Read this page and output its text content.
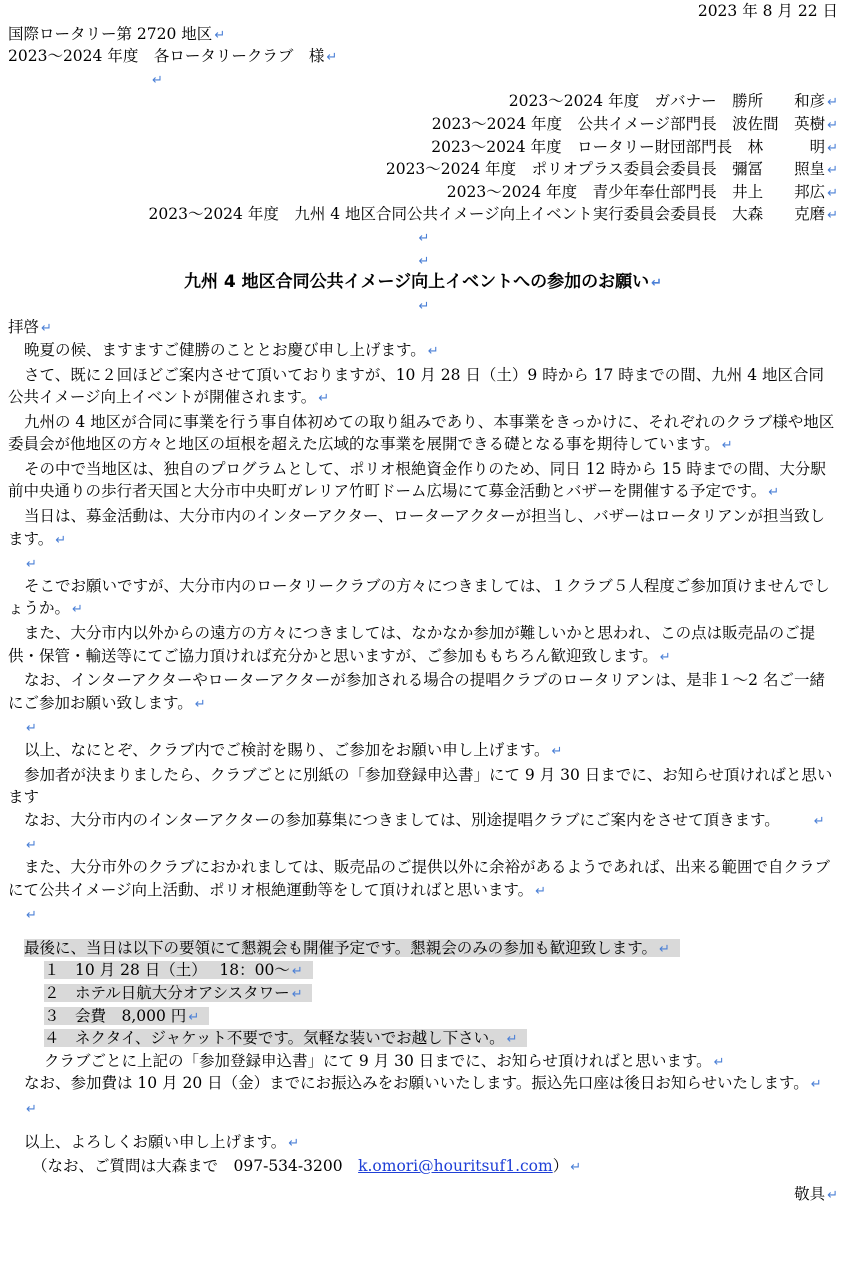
2023 年 8 月 22 日
国際ロータリー第 2720 地区 ↵
2023～2024 年度　各ロータリークラブ　様 ↵
↵
2023～2024 年度　ガバナー　勝所　　和彦 ↵
2023～2024 年度　公共イメージ部門長　波佐間　英樹 ↵
2023～2024 年度　ロータリー財団部門長　林　　　明 ↵
2023～2024 年度　ポリオプラス委員会委員長　彌冨　　照皇 ↵
2023～2024 年度　青少年奉仕部門長　井上　　邦広 ↵
2023～2024 年度　九州 4 地区合同公共イメージ向上イベント実行委員会委員長　大森　　克磨 ↵
↵
↵
九州 4 地区合同公共イメージ向上イベントへの参加のお願い ↵
↵
拝啓 ↵
晩夏の候、ますますご健勝のこととお慶び申し上げます。 ↵
さて、既に２回ほどご案内させて頂いておりますが、10 月 28 日（土）9 時から 17 時までの間、九州 4 地区合同公共イメージ向上イベントが開催されます。 ↵
九州の 4 地区が合同に事業を行う事自体初めての取り組みであり、本事業をきっかけに、それぞれのクラブ様や地区委員会が他地区の方々と地区の垣根を超えた広域的な事業を展開できる礎となる事を期待しています。 ↵
その中で当地区は、独自のプログラムとして、ポリオ根絶資金作りのため、同日 12 時から 15 時までの間、大分駅前中央通りの歩行者天国と大分市中央町ガレリア竹町ドーム広場にて募金活動とバザーを開催する予定です。 ↵
当日は、募金活動は、大分市内のインターアクター、ローターアクターが担当し、バザーはロータリアンが担当致します。 ↵
↵
そこでお願いですが、大分市内のロータリークラブの方々につきましては、１クラブ５人程度ご参加頂けませんでしょうか。 ↵
また、大分市内以外からの遠方の方々につきましては、なかなか参加が難しいかと思われ、この点は販売品のご提供・保管・輸送等にてご協力頂ければ充分かと思いますが、ご参加ももちろん歓迎致します。 ↵
なお、インターアクターやローターアクターが参加される場合の提唱クラブのロータリアンは、是非１～2 名ご一緒にご参加お願い致します。 ↵
↵
以上、なにとぞ、クラブ内でご検討を賜り、ご参加をお願い申し上げます。 ↵
参加者が決まりましたら、クラブごとに別紙の「参加登録申込書」にて 9 月 30 日までに、お知らせ頂ければと思います
なお、大分市内のインターアクターの参加募集につきましては、別途提唱クラブにご案内をさせて頂きます。	↵
↵
また、大分市外のクラブにおかれましては、販売品のご提供以外に余裕があるようであれば、出来る範囲で自クラブにて公共イメージ向上活動、ポリオ根絶運動等をして頂ければと思います。 ↵
↵
最後に、当日は以下の要領にて懇親会も開催予定です。懇親会のみの参加も歓迎致します。 ↵
１　10 月 28 日（土）　 18：00～ ↵
２　ホテル日航大分オアシスタワー ↵
３　会費　8,000 円 ↵
４　ネクタイ、ジャケット不要です。気軽な装いでお越し下さい。 ↵
クラブごとに上記の「参加登録申込書」にて 9 月 30 日までに、お知らせ頂ければと思います。 ↵
なお、参加費は 10 月 20 日（金）までにお振込みをお願いいたします。振込先口座は後日お知らせいたします。 ↵
↵
以上、よろしくお願い申し上げます。 ↵
（なお、ご質問は大森まで　097-534-3200　k.omori@houritsuf1.com） ↵
敬具 ↵
